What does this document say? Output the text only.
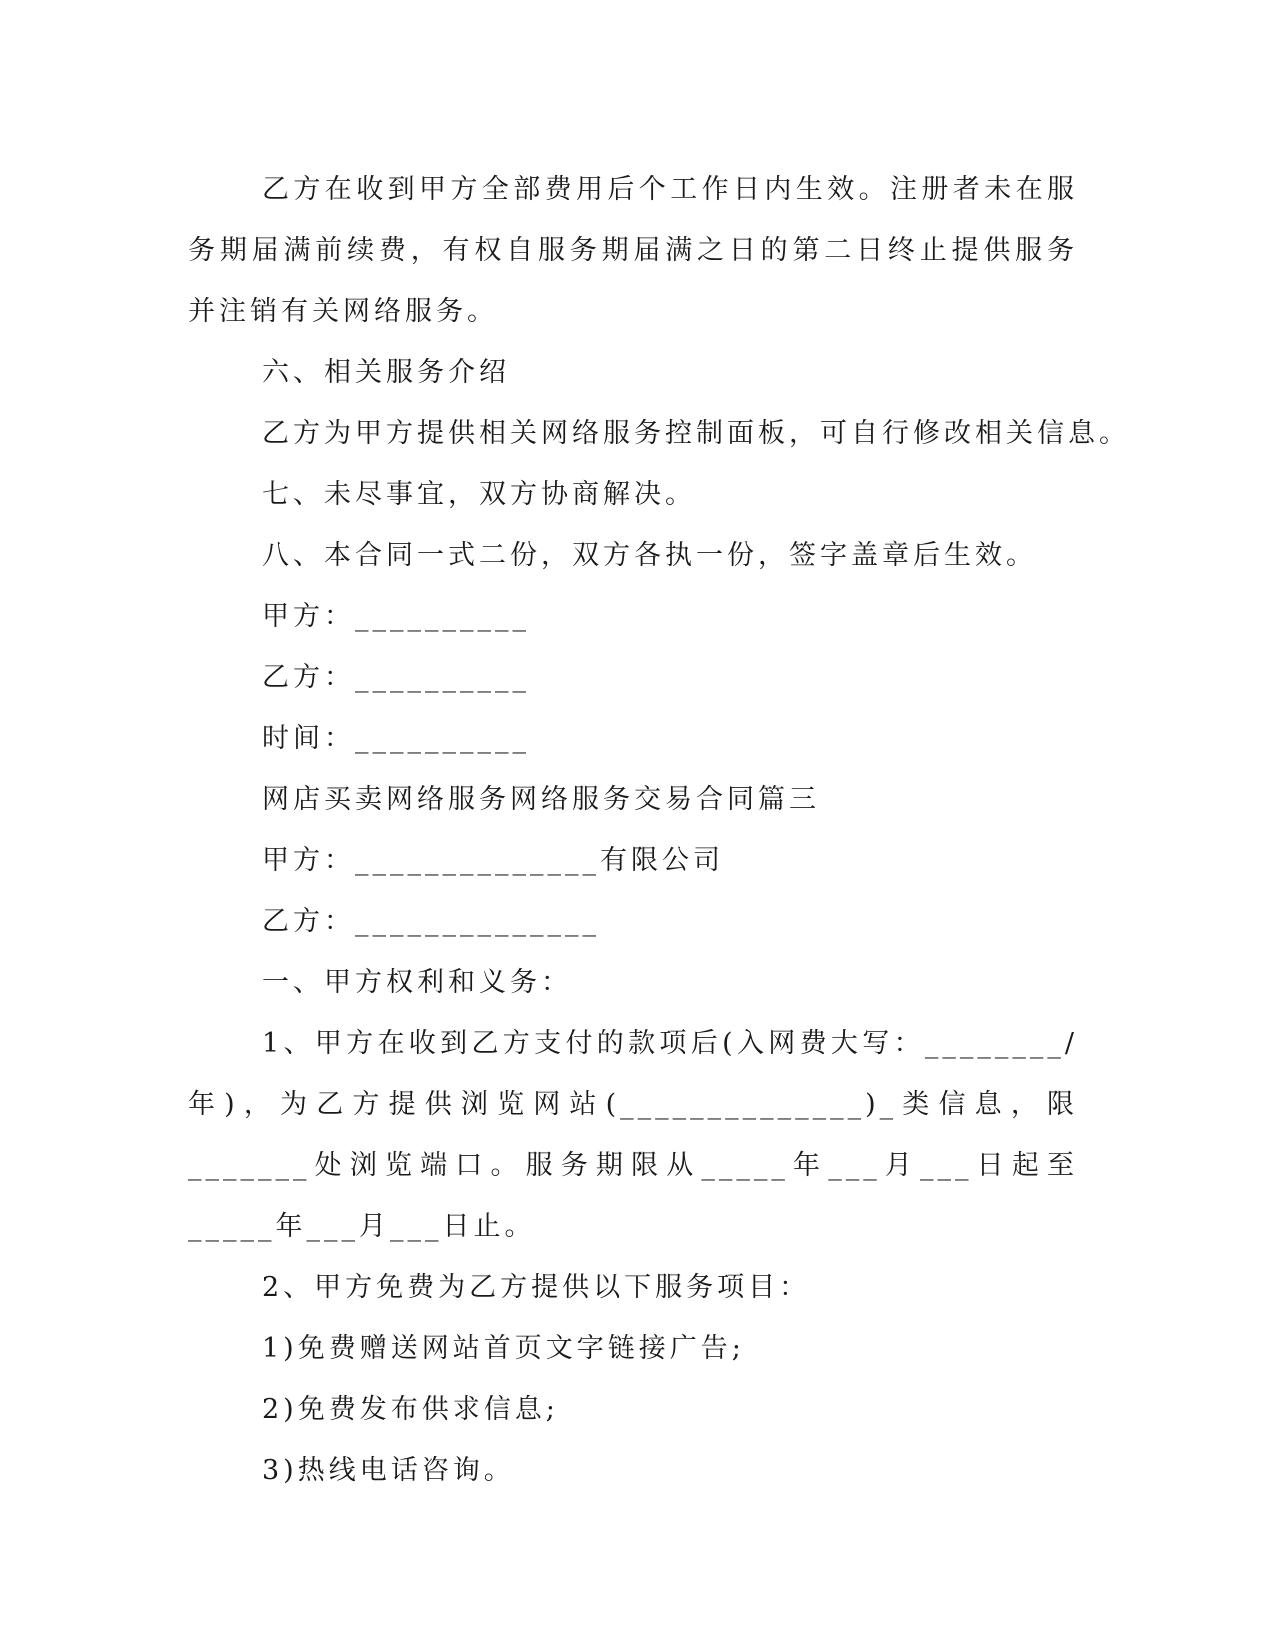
乙方在收到甲方全部费用后个工作日内生效。注册者未在服务期届满前续费，有权自服务期届满之日的第二日终止提供服务并注销有关网络服务。

六、相关服务介绍

乙方为甲方提供相关网络服务控制面板，可自行修改相关信息。

七、未尽事宜，双方协商解决。

八、本合同一式二份，双方各执一份，签字盖章后生效。

甲方：__________

乙方：__________

时间：__________

网店买卖网络服务网络服务交易合同篇三

甲方：______________有限公司

乙方：______________

一、甲方权利和义务：

1、甲方在收到乙方支付的款项后(入网费大写：________/年)，为乙方提供浏览网站(______________)_类信息，限_______处浏览端口。服务期限从_____年___月___日起至_____年___月___日止。

2、甲方免费为乙方提供以下服务项目：

1)免费赠送网站首页文字链接广告;

2)免费发布供求信息;

3)热线电话咨询。
